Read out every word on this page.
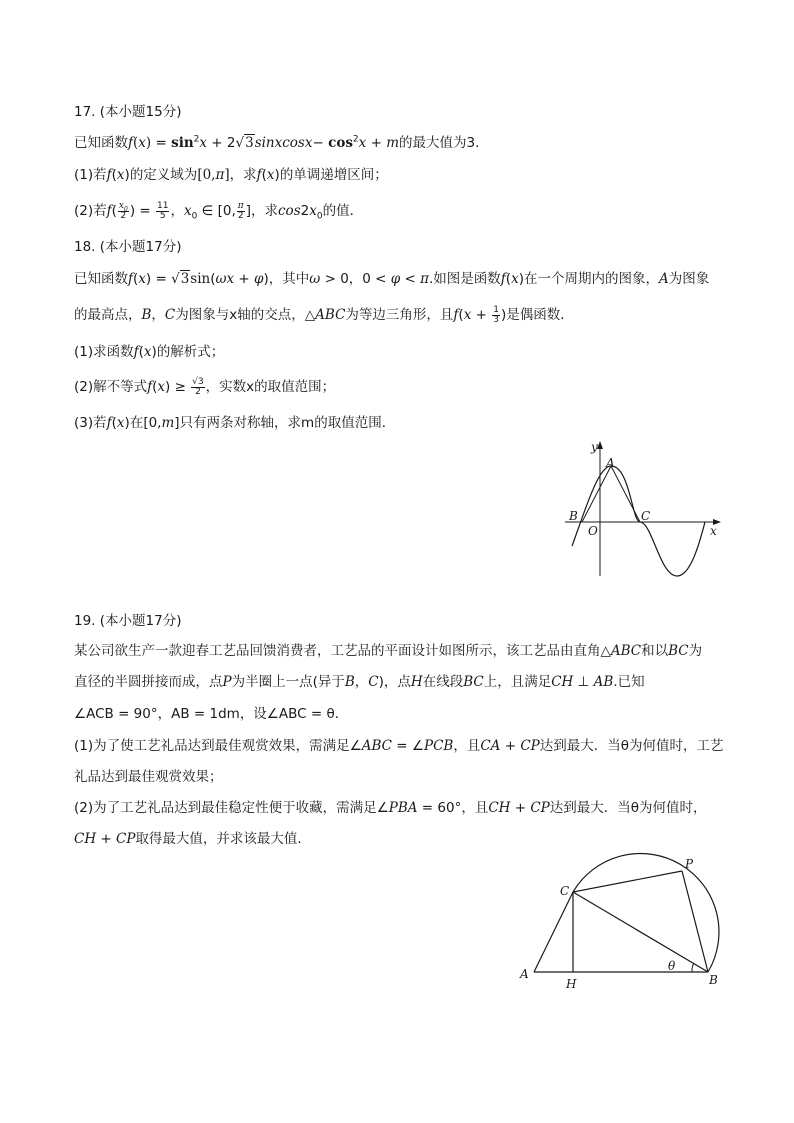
17. (本小题15分)
已知函数$f(x) = \sin^2x$ + 2√3sinxcosx− $\cos^2x + m$的最大值为3．
(1)若f(x)的定义域为[0,π]，求f(x)的单调递增区间；
(2)若$f( \frac{x_0}{2}$ ) = $\frac{11}{5}$ ，$x_0$ ∈ [0, $\frac{\pi}{2}$ ]，求$\cos 2x_0$的值．
18. (本小题17分)
已知函数f(x) = √3sin(ωx + φ)，其中ω > 0，0 < φ < π.如图是函数f(x)在一个周期内的图象，A为图象
的最高点，B，C为图象与x轴的交点，△ABC为等边三角形，且$f(x + \frac{1}{3}$ )是偶函数．
(1)求函数f(x)的解析式；
(2)解不等式$f(x) \ge \frac{√3}{2}$ ，实数x的取值范围；
(3)若f(x)在[0,m]只有两条对称轴，求m的取值范围．
y
A
B
O
C
x
19. (本小题17分)
某公司欲生产一款迎春工艺品回馈消费者，工艺品的平面设计如图所示，该工艺品由直角△ABC和以BC为
直径的半圆拼接而成，点P为半圈上一点(异于B，C)，点H在线段BC上，且满足CH ⊥ AB.已知
∠ACB = 90°，AB = 1dm，设∠ABC = θ．
(1)为了使工艺礼品达到最佳观赏效果，需满足∠ABC = ∠PCB，且CA + CP达到最大．当θ为何值时，工艺
礼品达到最佳观赏效果；
(2)为了工艺礼品达到最佳稳定性便于收藏，需满足∠PBA = 60°，且CH + CP达到最大．当θ为何值时，
CH + CP取得最大值，并求该最大值．
C
P
A
H
θ
B
